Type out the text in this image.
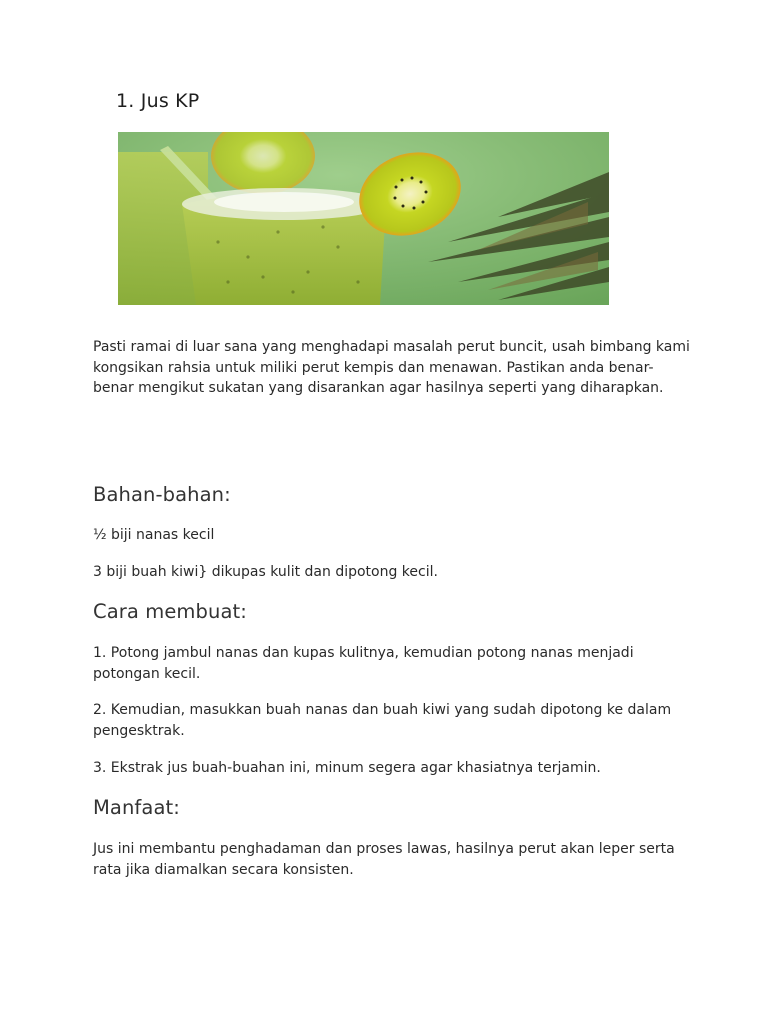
1. Jus KP

Pasti ramai di luar sana yang menghadapi masalah perut buncit, usah bimbang kami kongsikan rahsia untuk miliki perut kempis dan menawan. Pastikan anda benar-benar mengikut sukatan yang disarankan agar hasilnya seperti yang diharapkan.

Bahan-bahan:

½ biji nanas kecil

3 biji buah kiwi} dikupas kulit dan dipotong kecil.

Cara membuat:

1. Potong jambul nanas dan kupas kulitnya, kemudian potong nanas menjadi potongan kecil.

2. Kemudian, masukkan buah nanas dan buah kiwi yang sudah dipotong ke dalam pengesktrak.

3. Ekstrak jus buah-buahan ini, minum segera agar khasiatnya terjamin.

Manfaat:

Jus ini membantu penghadaman dan proses lawas, hasilnya perut akan leper serta rata jika diamalkan secara konsisten.
